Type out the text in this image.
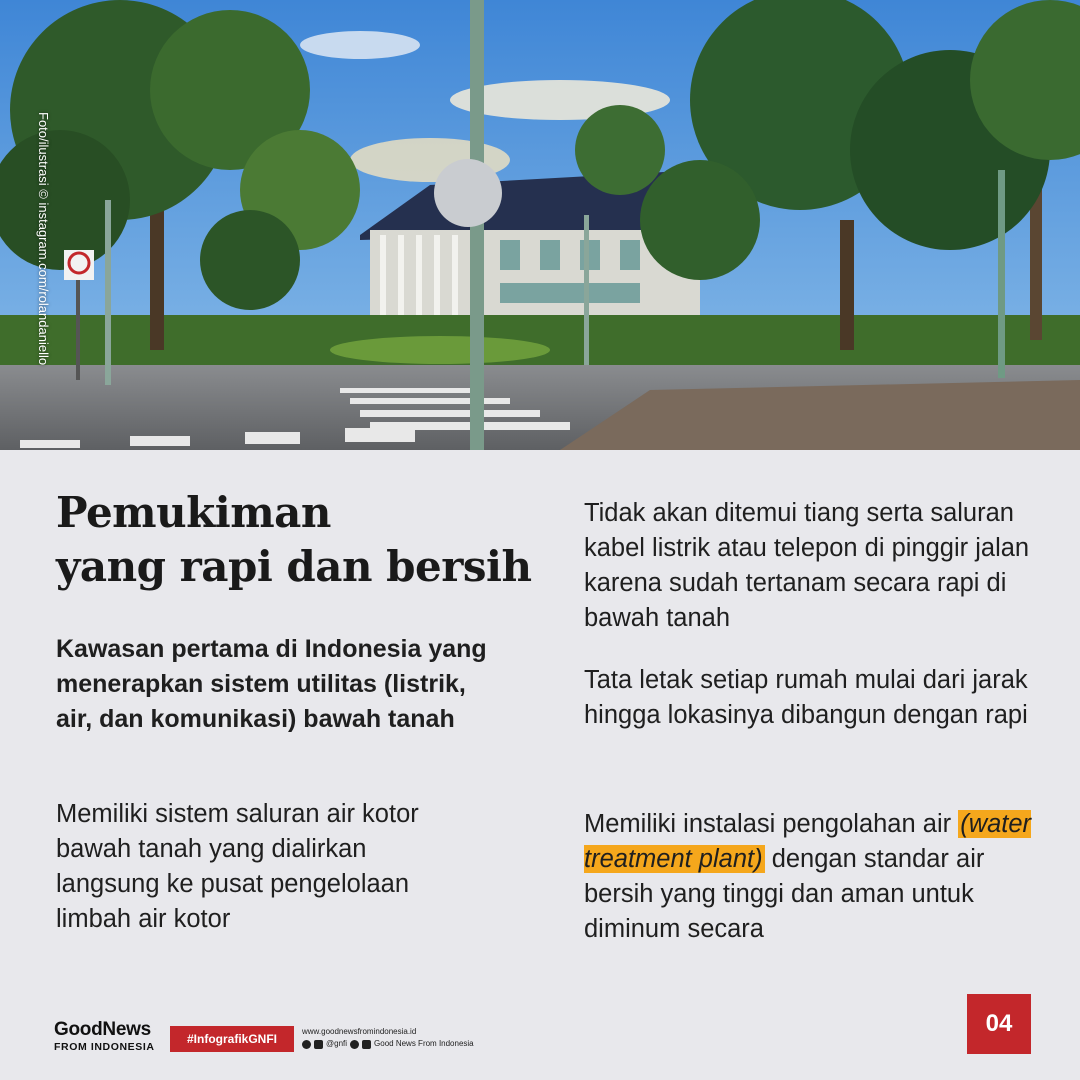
Foto/ilustrasi © instagram.com/rolandaniello
Pemukiman
yang rapi dan bersih

Kawasan pertama di Indonesia yang menerapkan sistem utilitas (listrik, air, dan komunikasi) bawah tanah

Memiliki sistem saluran air kotor bawah tanah yang dialirkan langsung ke pusat pengelolaan limbah air kotor

Tidak akan ditemui tiang serta saluran kabel listrik atau telepon di pinggir jalan karena sudah tertanam secara rapi di bawah tanah

Tata letak setiap rumah mulai dari jarak hingga lokasinya dibangun dengan rapi

Memiliki instalasi pengolahan air (water treatment plant) dengan standar air bersih yang tinggi dan aman untuk diminum secara

GoodNews
FROM INDONESIA
#InfografikGNFI
www.goodnewsfromindonesia.id
@gnfi	Good News From Indonesia
04
